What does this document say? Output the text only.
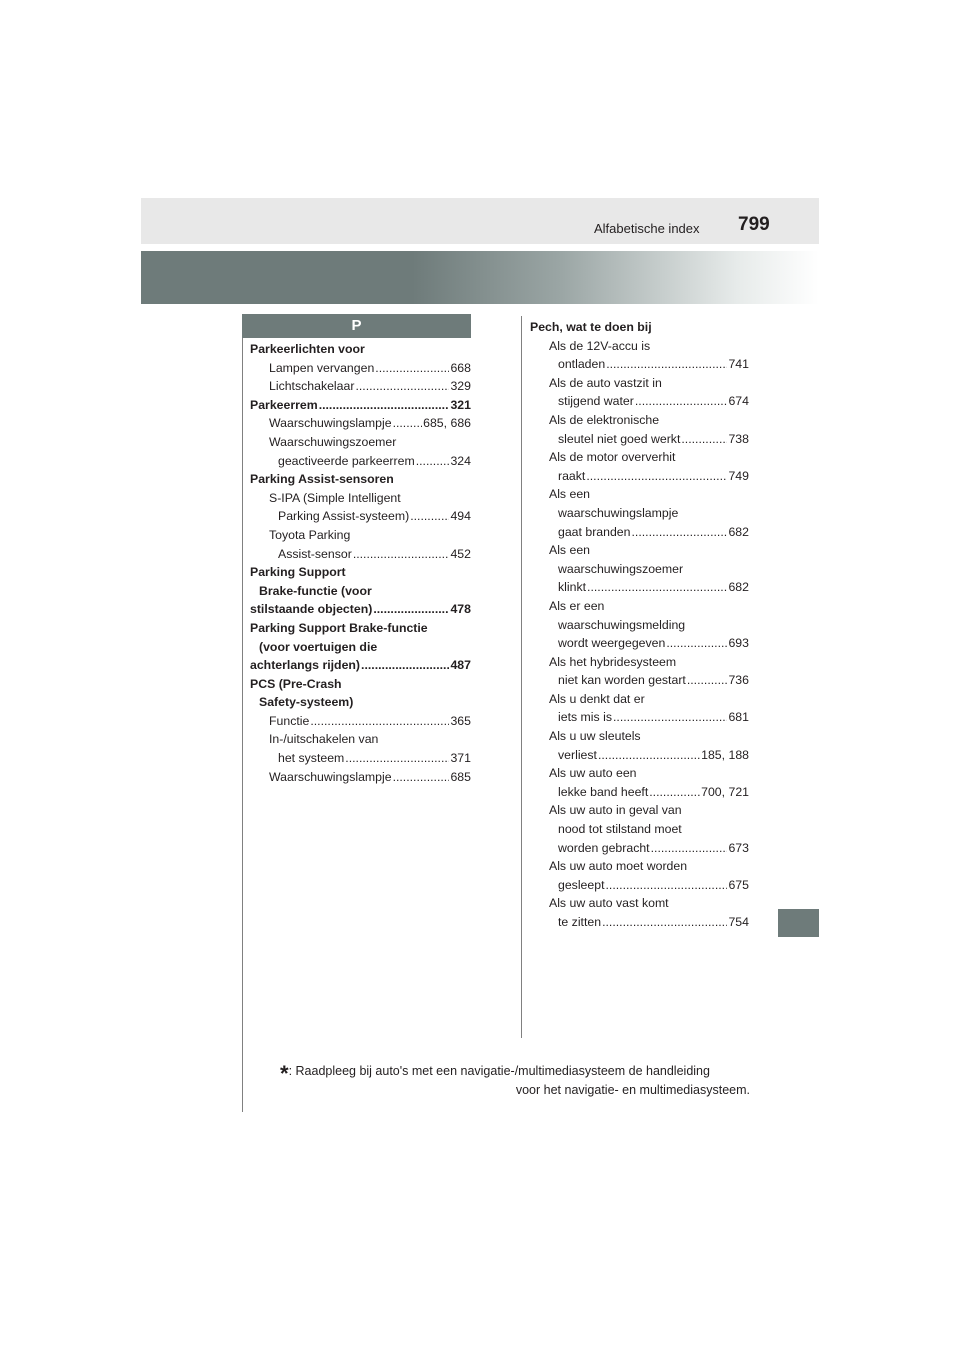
Alfabetische index 799
P
Parkeerlichten voor
Lampen vervangen .....	668
Lichtschakelaar .....	329
Parkeerrem .....	321
Waarschuwingslampje .....	685, 686
Waarschuwingszoemer
geactiveerde parkeerrem .....	324
Parking Assist-sensoren
S-IPA (Simple Intelligent
Parking Assist-systeem) .....	494
Toyota Parking
Assist-sensor .....	452
Parking Support
Brake-functie (voor
stilstaande objecten) .....	478
Parking Support Brake-functie
(voor voertuigen die
achterlangs rijden) .....	487
PCS (Pre-Crash
Safety-systeem)
Functie .....	365
In-/uitschakelen van
het systeem .....	371
Waarschuwingslampje .....	685
Pech, wat te doen bij
Als de 12V-accu is
ontladen .....	741
Als de auto vastzit in
stijgend water .....	674
Als de elektronische
sleutel niet goed werkt .....	738
Als de motor oververhit
raakt .....	749
Als een
waarschuwingslampje
gaat branden .....	682
Als een
waarschuwingszoemer
klinkt .....	682
Als er een
waarschuwingsmelding
wordt weergegeven .....	693
Als het hybridesysteem
niet kan worden gestart .....	736
Als u denkt dat er
iets mis is .....	681
Als u uw sleutels
verliest .....	185, 188
Als uw auto een
lekke band heeft .....	700, 721
Als uw auto in geval van
nood tot stilstand moet
worden gebracht .....	673
Als uw auto moet worden
gesleept .....	675
Als uw auto vast komt
te zitten .....	754
*: Raadpleeg bij auto's met een navigatie-/multimediasysteem de handleiding
voor het navigatie- en multimediasysteem.
